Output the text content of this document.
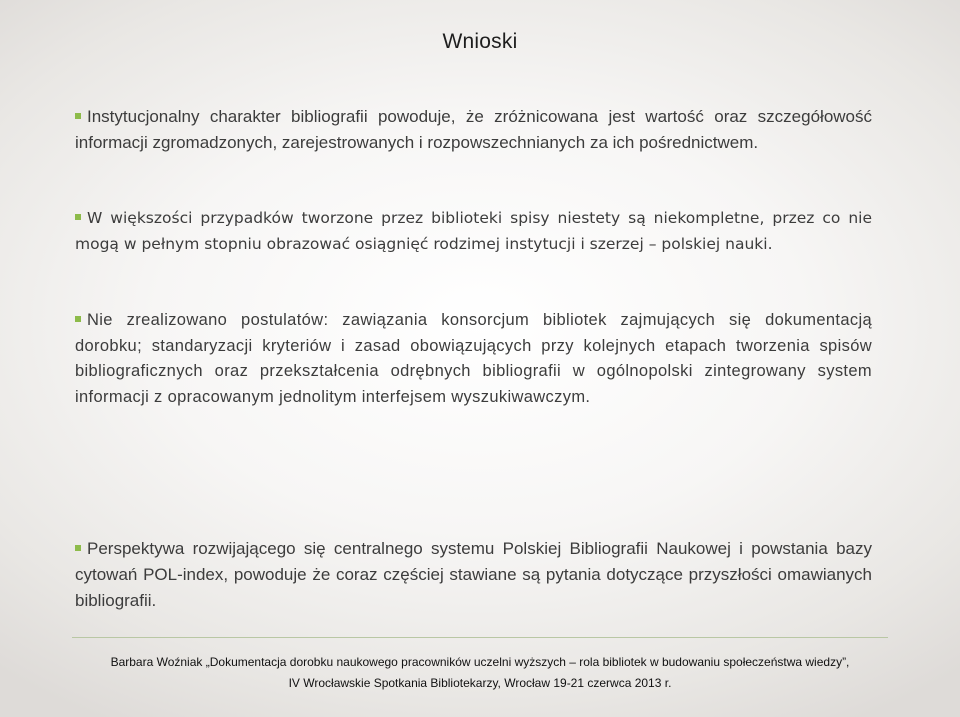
Wnioski
Instytucjonalny charakter bibliografii powoduje, że zróżnicowana jest wartość oraz szczegółowość informacji zgromadzonych, zarejestrowanych i rozpowszechnianych za ich pośrednictwem.
W większości przypadków tworzone przez biblioteki spisy niestety są niekompletne, przez co nie mogą w pełnym stopniu obrazować osiągnięć rodzimej instytucji i szerzej – polskiej nauki.
Nie zrealizowano postulatów: zawiązania konsorcjum bibliotek zajmujących się dokumentacją dorobku; standaryzacji kryteriów i zasad obowiązujących przy kolejnych etapach tworzenia spisów bibliograficznych oraz przekształcenia odrębnych bibliografii w ogólnopolski zintegrowany system informacji z opracowanym jednolitym interfejsem wyszukiwawczym.
Perspektywa rozwijającego się centralnego systemu Polskiej Bibliografii Naukowej i powstania bazy cytowań POL-index, powoduje że coraz częściej stawiane są pytania dotyczące przyszłości omawianych bibliografii.
Barbara Woźniak „Dokumentacja dorobku naukowego pracowników uczelni wyższych – rola bibliotek w budowaniu społeczeństwa wiedzy”,
IV Wrocławskie Spotkania Bibliotekarzy, Wrocław 19-21 czerwca 2013 r.
